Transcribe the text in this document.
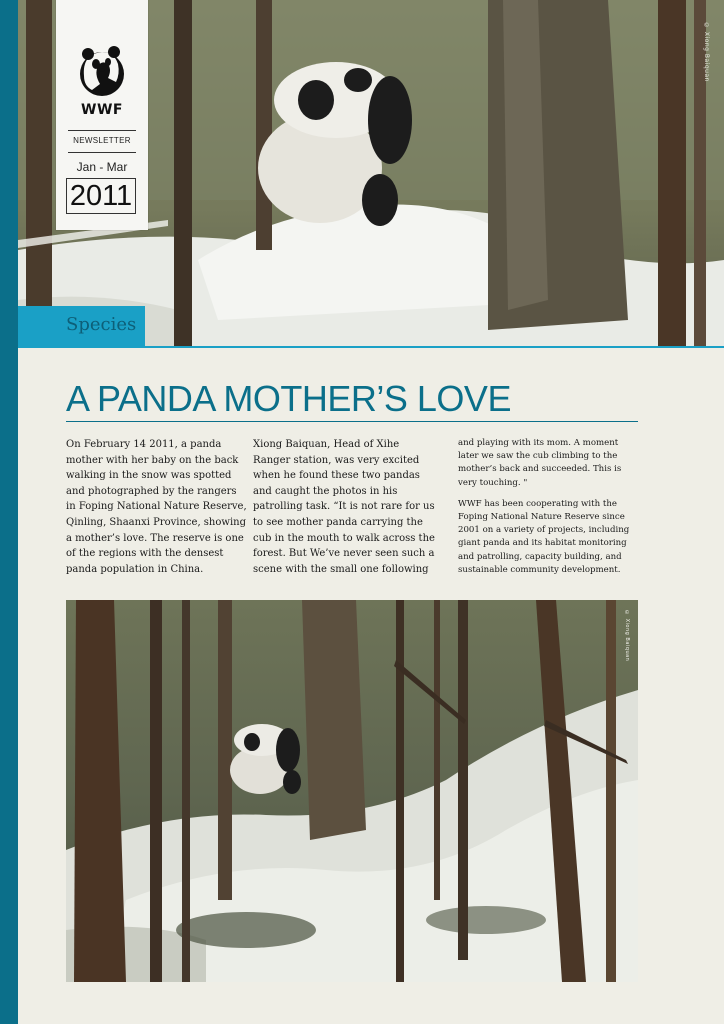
© Xiong Baiquan
WWF
NEWSLETTER
Jan - Mar
2011
Species
A PANDA MOTHER’S LOVE

On February 14 2011, a panda mother with her baby on the back walking in the snow was spotted and photographed by the rangers in Foping National Nature Reserve, Qinling, Shaanxi Province, showing a mother’s love. The reserve is one of the regions with the densest panda population in China.

Xiong Baiquan, Head of Xihe Ranger station, was very excited when he found these two pandas and caught the photos in his patrolling task. “It is not rare for us to see mother panda carrying the cub in the mouth to walk across the forest. But We’ve never seen such a scene with the small one following

and playing with its mom. A moment later we saw the cub climbing to the mother’s back and succeeded. This is very touching. "

WWF has been cooperating with the Foping National Nature Reserve since 2001 on a variety of projects, including giant panda and its habitat monitoring and patrolling, capacity building, and sustainable community development.

© Xiong Baiquan
